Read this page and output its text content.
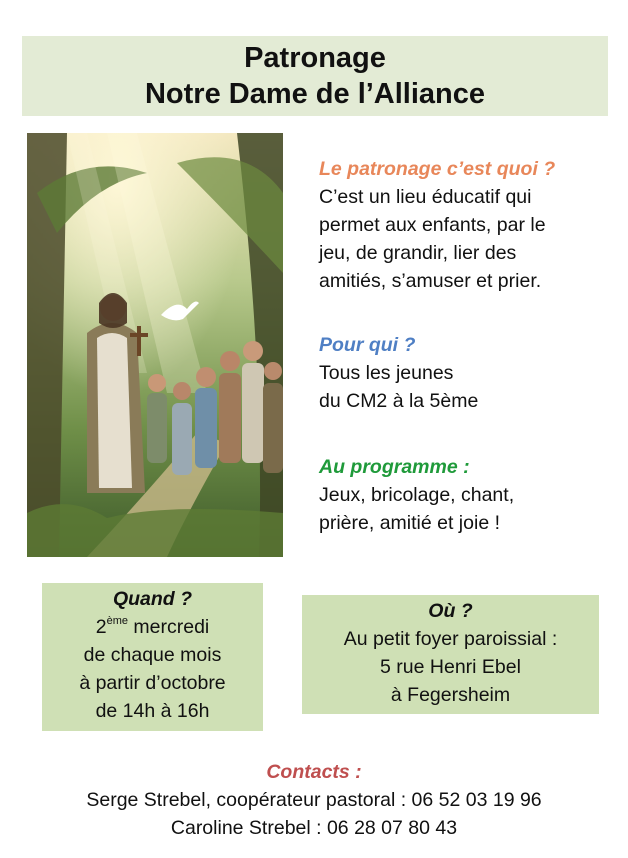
Patronage
Notre Dame de l’Alliance
Le patronage c’est quoi ?
C’est un lieu éducatif qui
permet aux enfants, par le
jeu, de grandir, lier des
amitiés, s’amuser et prier.
Pour qui ?
Tous les jeunes
du CM2 à la 5ème
Au programme :
Jeux, bricolage, chant,
prière, amitié et joie !
Quand ?
2ème mercredi
de chaque mois
à partir d’octobre
de 14h à 16h
Où ?
Au petit foyer paroissial :
5 rue Henri Ebel
à Fegersheim
Contacts :
Serge Strebel, coopérateur pastoral : 06 52 03 19 96
Caroline Strebel : 06 28 07 80 43
